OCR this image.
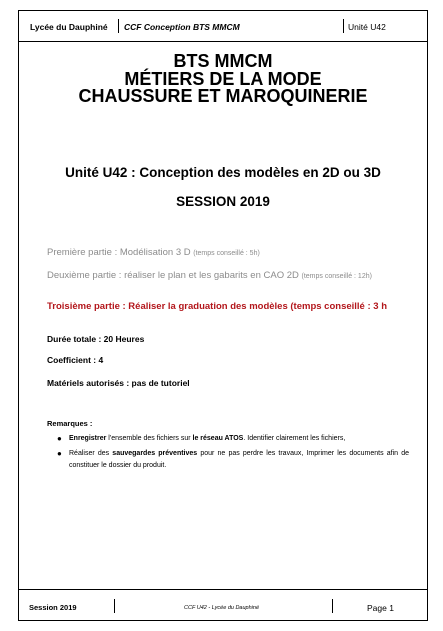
Lycée du Dauphiné CCF Conception BTS MMCM	Unité U42
BTS MMCM
MÉTIERS DE LA MODE
CHAUSSURE ET MAROQUINERIE
Unité U42 : Conception des modèles en 2D ou 3D
SESSION 2019
Première partie : Modélisation 3 D (temps conseillé : 5h)
Deuxième partie : réaliser le plan et les gabarits en CAO 2D (temps conseillé : 12h)
Troisième partie : Réaliser la graduation des modèles (temps conseillé : 3 h
Durée totale : 20 Heures
Coefficient : 4
Matériels autorisés : pas de tutoriel
Remarques :
● Enregistrer l'ensemble des fichiers sur le réseau ATOS. Identifier clairement les fichiers,
● Réaliser des sauvegardes préventives pour ne pas perdre les travaux, Imprimer les documents afin de constituer le dossier du produit.
Session 2019	CCF U42 - Lycée du Dauphiné	Page 1
